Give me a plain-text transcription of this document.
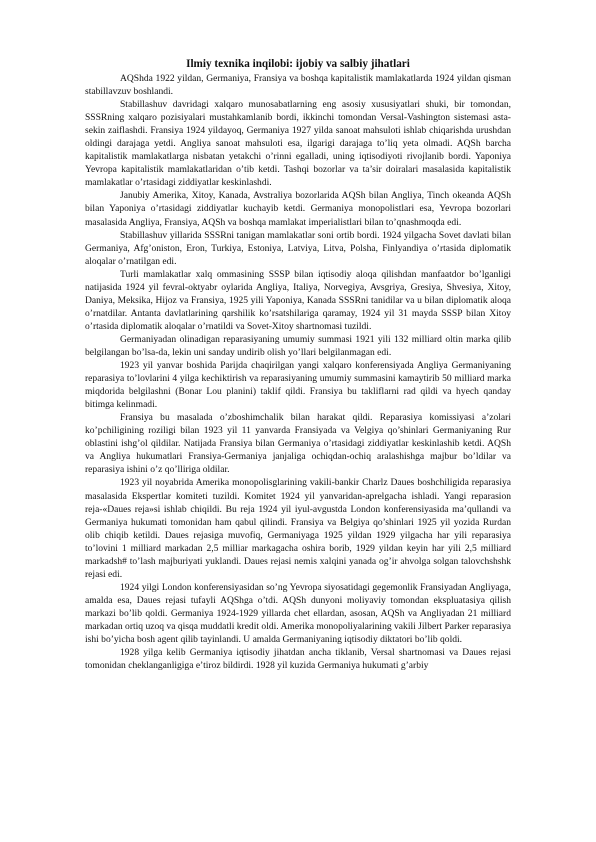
Ilmiy texnika inqilobi: ijobiy va salbiy jihatlari

AQShda 1922 yildan, Germaniya, Fransiya va boshqa kapitalistik mamlakatlarda 1924 yildan qisman stabillavzuv boshlandi.

Stabillashuv davridagi xalqaro munosabatlarning eng asosiy xususiyatlari shuki, bir tomondan, SSSRning xalqaro pozisiyalari mustahkamlanib bordi, ikkinchi tomondan Versal-Vashington sistemasi asta-sekin zaiflashdi. Fransiya 1924 yildayoq, Germaniya 1927 yilda sanoat mahsuloti ishlab chiqarishda urushdan oldingi darajaga yetdi. Angliya sanoat mahsuloti esa, ilgarigi darajaga to’liq yeta olmadi. AQSh barcha kapitalistik mamlakatlarga nisbatan yetakchi o’rinni egalladi, uning iqtisodiyoti rivojlanib bordi. Yaponiya Yevropa kapitalistik mamlakatlaridan o’tib ketdi. Tashqi bozorlar va ta’sir doiralari masalasida kapitalistik mamlakatlar o’rtasidagi ziddiyatlar keskinlashdi.

Janubiy Amerika, Xitoy, Kanada, Avstraliya bozorlarida AQSh bilan Angliya, Tinch okeanda AQSh bilan Yaponiya o’rtasidagi ziddiyatlar kuchayib ketdi. Germaniya monopolistlari esa, Yevropa bozorlari masalasida Angliya, Fransiya, AQSh va boshqa mamlakat imperialistlari bilan to’qnashmoqda edi.

Stabillashuv yillarida SSSRni tanigan mamlakatlar soni ortib bordi. 1924 yilgacha Sovet davlati bilan Germaniya, Afg’oniston, Eron, Turkiya, Estoniya, Latviya, Litva, Polsha, Finlyandiya o’rtasida diplomatik aloqalar o’rnatilgan edi.

Turli mamlakatlar xalq ommasining SSSP bilan iqtisodiy aloqa qilishdan manfaatdor bo’lganligi natijasida 1924 yil fevral-oktyabr oylarida Angliya, Italiya, Norvegiya, Avsgriya, Gresiya, Shvesiya, Xitoy, Daniya, Meksika, Hijoz va Fransiya, 1925 yili Yaponiya, Kanada SSSRni tanidilar va u bilan diplomatik aloqa o’rnatdilar. Antanta davlatlarining qarshilik ko’rsatshilariga qaramay, 1924 yil 31 mayda SSSP bilan Xitoy o’rtasida diplomatik aloqalar o’rnatildi va Sovet-Xitoy shartnomasi tuzildi.

Germaniyadan olinadigan reparasiyaning umumiy summasi 1921 yili 132 milliard oltin marka qilib belgilangan bo’lsa-da, lekin uni sanday undirib olish yo’llari belgilanmagan edi.

1923 yil yanvar boshida Parijda chaqirilgan yangi xalqaro konferensiyada Angliya Germaniyaning reparasiya to’lovlarini 4 yilga kechiktirish va reparasiyaning umumiy summasini kamaytirib 50 milliard marka miqdorida belgilashni (Bonar Lou planini) taklif qildi. Fransiya bu takliflarni rad qildi va hyech qanday bitimga kelinmadi.

Fransiya bu masalada o’zboshimchalik bilan harakat qildi. Reparasiya komissiyasi a’zolari ko’pchiligining roziligi bilan 1923 yil 11 yanvarda Fransiyada va Velgiya qo’shinlari Germaniyaning Rur oblastini ishg’ol qildilar. Natijada Fransiya bilan Germaniya o’rtasidagi ziddiyatlar keskinlashib ketdi. AQSh va Angliya hukumatlari Fransiya-Germaniya janjaliga ochiqdan-ochiq aralashishga majbur bo’ldilar va reparasiya ishini o’z qo’lliriga oldilar.

1923 yil noyabrida Amerika monopolisglarining vakili-bankir Charlz Daues boshchiligida reparasiya masalasida Ekspertlar komiteti tuzildi. Komitet 1924 yil yanvaridan-aprelgacha ishladi. Yangi reparasion reja-«Daues reja»si ishlab chiqildi. Bu reja 1924 yil iyul-avgustda London konferensiyasida ma’qullandi va Germaniya hukumati tomonidan ham qabul qilindi. Fransiya va Belgiya qo’shinlari 1925 yil yozida Rurdan olib chiqib ketildi. Daues rejasiga muvofiq, Germaniyaga 1925 yildan 1929 yilgacha har yili reparasiya to’lovini 1 milliard markadan 2,5 milliar markagacha oshira borib, 1929 yildan keyin har yili 2,5 milliard markadsh# to’lash majburiyati yuklandi. Daues rejasi nemis xalqini yanada og’ir ahvolga solgan talovchshshk rejasi edi.

1924 yilgi London konferensiyasidan so’ng Yevropa siyosatidagi gegemonlik Fransiyadan Angliyaga, amalda esa, Daues rejasi tufayli AQShga o’tdi. AQSh dunyoni moliyaviy tomondan ekspluatasiya qilish markazi bo’lib qoldi. Germaniya 1924-1929 yillarda chet ellardan, asosan, AQSh va Angliyadan 21 milliard markadan ortiq uzoq va qisqa muddatli kredit oldi. Amerika monopoliyalarining vakili Jilbert Parker reparasiya ishi bo’yicha bosh agent qilib tayinlandi. U amalda Germaniyaning iqtisodiy diktatori bo’lib qoldi.

1928 yilga kelib Germaniya iqtisodiy jihatdan ancha tiklanib, Versal shartnomasi va Daues rejasi tomonidan cheklanganligiga e’tiroz bildirdi. 1928 yil kuzida Germaniya hukumati g’arbiy
